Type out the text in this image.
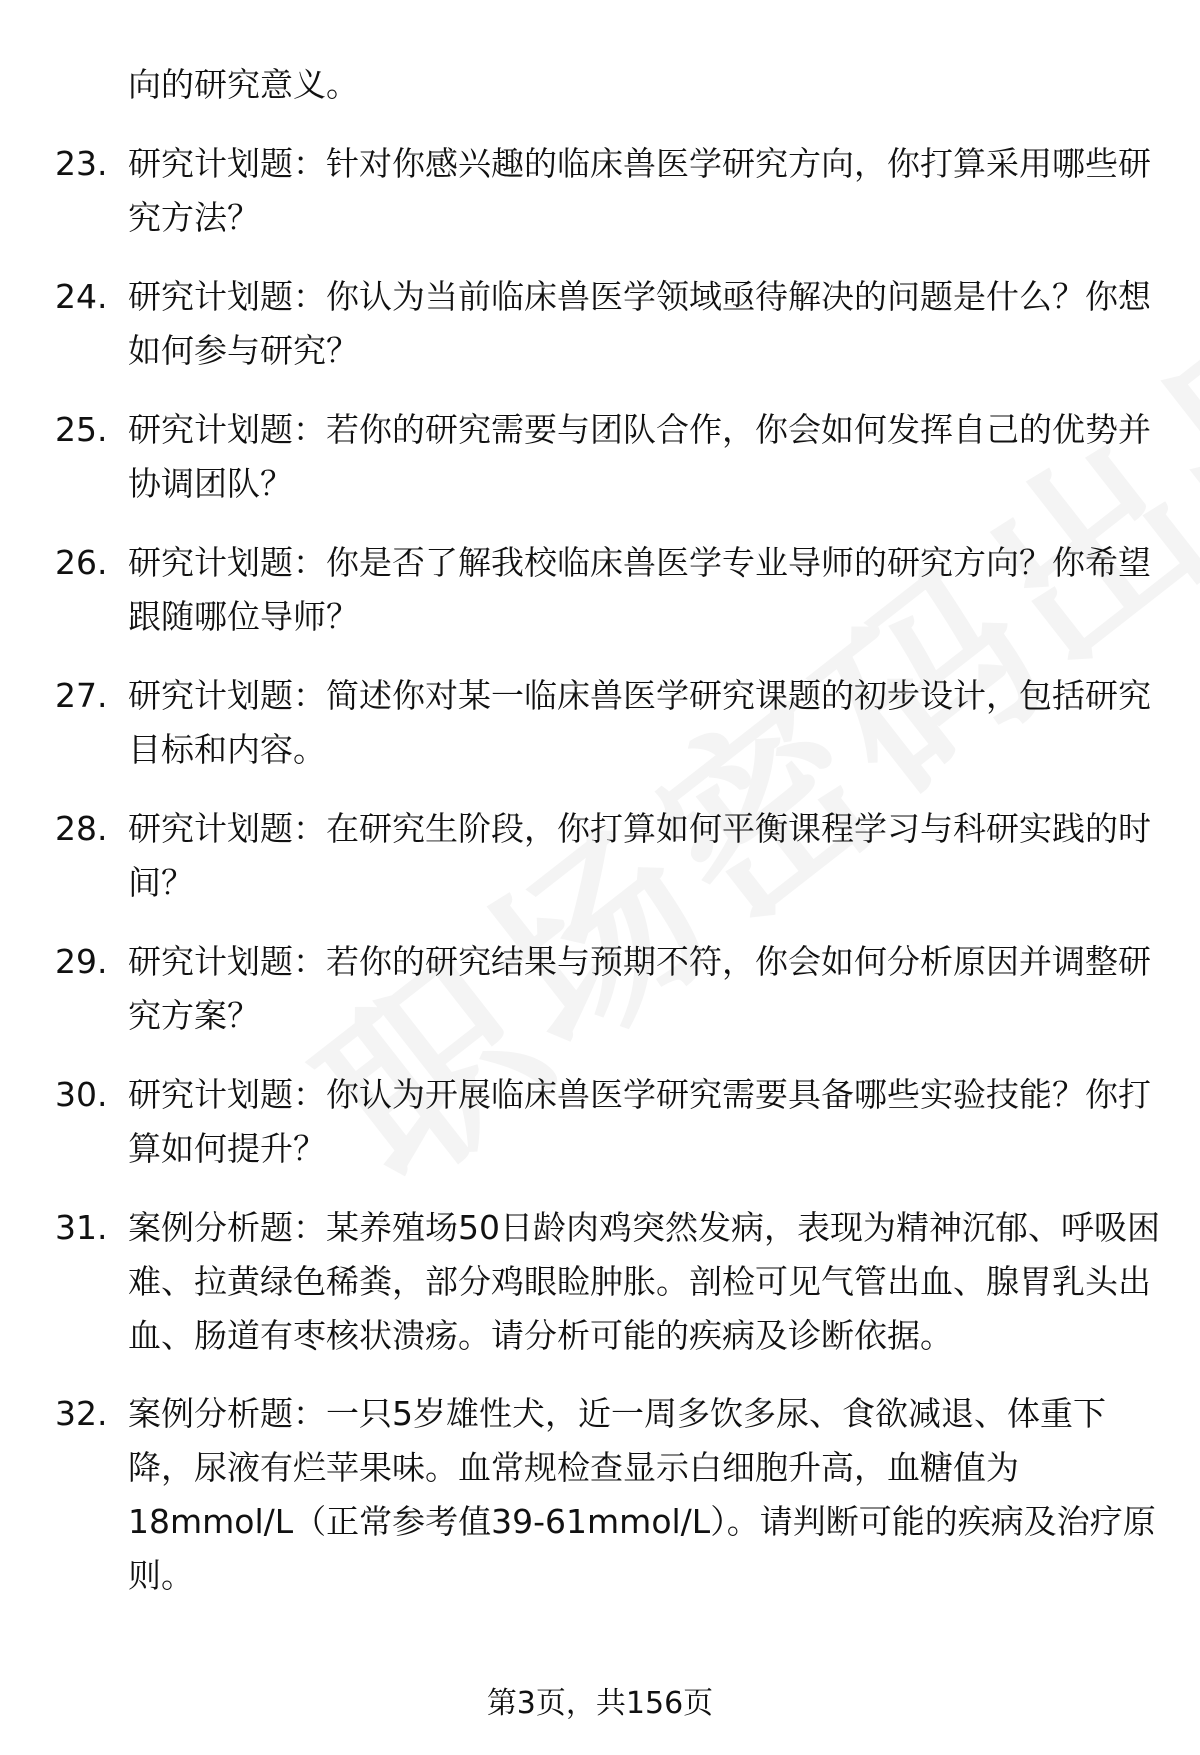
向的研究意义。

23. 研究计划题：针对你感兴趣的临床兽医学研究方向，你打算采用哪些研究方法？
24. 研究计划题：你认为当前临床兽医学领域亟待解决的问题是什么？你想如何参与研究？
25. 研究计划题：若你的研究需要与团队合作，你会如何发挥自己的优势并协调团队？
26. 研究计划题：你是否了解我校临床兽医学专业导师的研究方向？你希望跟随哪位导师？
27. 研究计划题：简述你对某一临床兽医学研究课题的初步设计，包括研究目标和内容。
28. 研究计划题：在研究生阶段，你打算如何平衡课程学习与科研实践的时间？
29. 研究计划题：若你的研究结果与预期不符，你会如何分析原因并调整研究方案？
30. 研究计划题：你认为开展临床兽医学研究需要具备哪些实验技能？你打算如何提升？
31. 案例分析题：某养殖场50日龄肉鸡突然发病，表现为精神沉郁、呼吸困难、拉黄绿色稀粪，部分鸡眼睑肿胀。剖检可见气管出血、腺胃乳头出血、肠道有枣核状溃疡。请分析可能的疾病及诊断依据。
32. 案例分析题：一只5岁雄性犬，近一周多饮多尿、食欲减退、体重下降，尿液有烂苹果味。血常规检查显示白细胞升高，血糖值为18mmol/L（正常参考值39-61mmol/L）。请判断可能的疾病及治疗原则。
第3页，共156页
